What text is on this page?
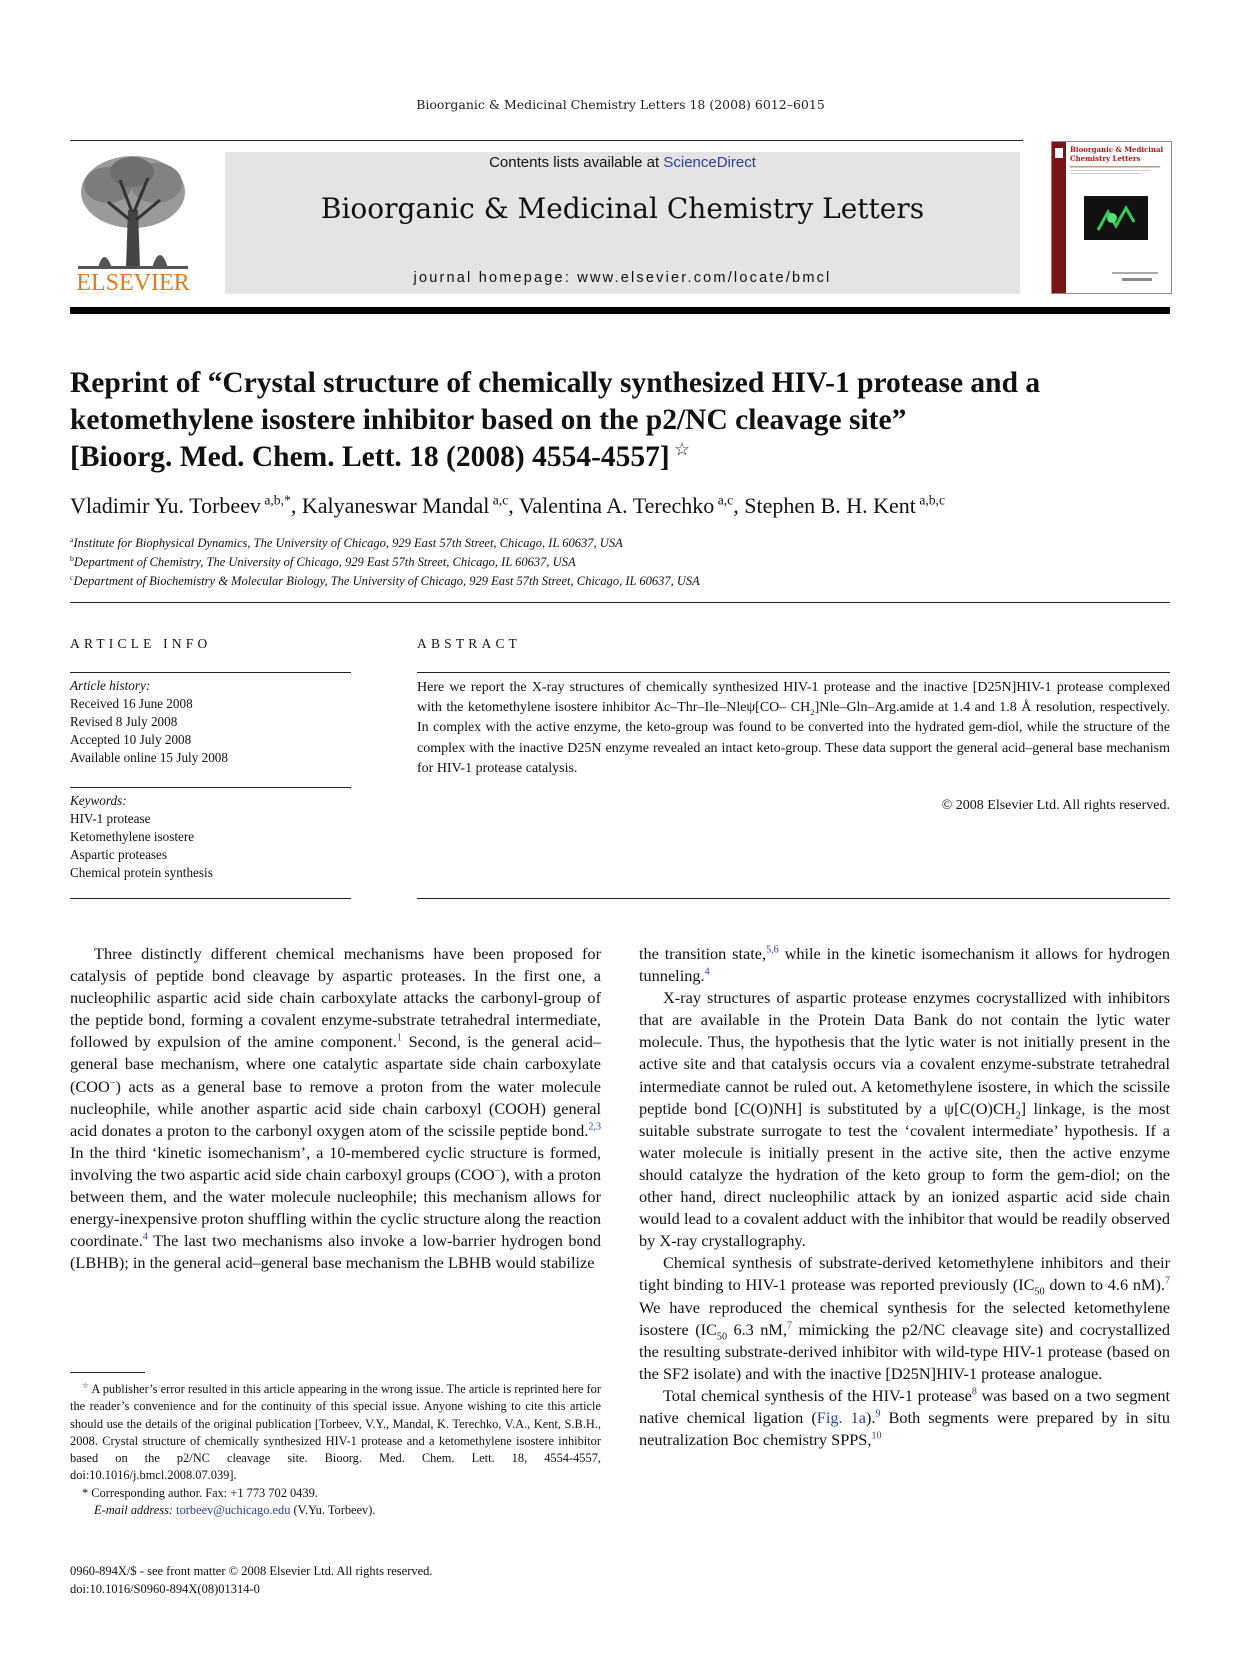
Bioorganic & Medicinal Chemistry Letters 18 (2008) 6012–6015
ELSEVIER
Contents lists available at ScienceDirect
Bioorganic & Medicinal Chemistry Letters
journal homepage: www.elsevier.com/locate/bmcl
Bioorganic & Medicinal
Chemistry Letters
Reprint of “Crystal structure of chemically synthesized HIV-1 protease and a
ketomethylene isostere inhibitor based on the p2/NC cleavage site”
[Bioorg. Med. Chem. Lett. 18 (2008) 4554-4557] ☆
Vladimir Yu. Torbeev $^{a,b,*}$, Kalyaneswar Mandal $^{a,c}$, Valentina A. Terechko $^{a,c}$, Stephen B. H. Kent $^{a,b,c}$
$^a$Institute for Biophysical Dynamics, The University of Chicago, 929 East 57th Street, Chicago, IL 60637, USA
$^b$Department of Chemistry, The University of Chicago, 929 East 57th Street, Chicago, IL 60637, USA
$^c$Department of Biochemistry & Molecular Biology, The University of Chicago, 929 East 57th Street, Chicago, IL 60637, USA
ARTICLE INFO
Article history:
Received 16 June 2008
Revised 8 July 2008
Accepted 10 July 2008
Available online 15 July 2008
Keywords:
HIV-1 protease
Ketomethylene isostere
Aspartic proteases
Chemical protein synthesis
ABSTRACT
Here we report the X-ray structures of chemically synthesized HIV-1 protease and the inactive [D25N]HIV-1 protease complexed with the ketomethylene isostere inhibitor Ac–Thr–Ile–Nleψ[CO– $CH_2]Nle-Gln-Arg.amide$ at 1.4 and 1.8 Å resolution, respectively. In complex with the active enzyme, the keto-group was found to be converted into the hydrated gem-diol, while the structure of the complex with the inactive D25N enzyme revealed an intact keto-group. These data support the general acid–general base mechanism for HIV-1 protease catalysis.
© 2008 Elsevier Ltd. All rights reserved.

Three distinctly different chemical mechanisms have been proposed for catalysis of peptide bond cleavage by aspartic proteases. In the first one, a nucleophilic aspartic acid side chain carboxylate attacks the carbonyl-group of the peptide bond, forming a covalent enzyme-substrate tetrahedral intermediate, followed by expulsion of the amine component.$^1$ Second, is the general acid–general base mechanism, where one catalytic aspartate side chain carboxylate (COO−) acts as a general base to remove a proton from the water molecule nucleophile, while another aspartic acid side chain carboxyl (COOH) general acid donates a proton to the carbonyl oxygen atom of the scissile peptide bond.$^{2,3}$ In the third ‘kinetic isomechanism’, a 10-membered cyclic structure is formed, involving the two aspartic acid side chain carboxyl groups (COO−), with a proton between them, and the water molecule nucleophile; this mechanism allows for energy-inexpensive proton shuffling within the cyclic structure along the reaction coordinate.$^4$ The last two mechanisms also invoke a low-barrier hydrogen bond (LBHB); in the general acid–general base mechanism the LBHB would stabilize

the transition state,$^{5,6}$ while in the kinetic isomechanism it allows for hydrogen tunneling.$^4$

X-ray structures of aspartic protease enzymes cocrystallized with inhibitors that are available in the Protein Data Bank do not contain the lytic water molecule. Thus, the hypothesis that the lytic water is not initially present in the active site and that catalysis occurs via a covalent enzyme-substrate tetrahedral intermediate cannot be ruled out. A ketomethylene isostere, in which the scissile peptide bond [C(O)NH] is substituted by a $\psi[C(O)CH_2]$ linkage, is the most suitable substrate surrogate to test the ‘covalent intermediate’ hypothesis. If a water molecule is initially present in the active site, then the active enzyme should catalyze the hydration of the keto group to form the gem-diol; on the other hand, direct nucleophilic attack by an ionized aspartic acid side chain would lead to a covalent adduct with the inhibitor that would be readily observed by X-ray crystallography.

Chemical synthesis of substrate-derived ketomethylene inhibitors and their tight binding to HIV-1 protease was reported previously ($IC_{50}$ down to 4.6 nM).$^7$ We have reproduced the chemical synthesis for the selected ketomethylene isostere ($IC_{50}$ 6.3 nM,$^7$ mimicking the p2/NC cleavage site) and cocrystallized the resulting substrate-derived inhibitor with wild-type HIV-1 protease (based on the SF2 isolate) and with the inactive [D25N]HIV-1 protease analogue.

Total chemical synthesis of the HIV-1 protease$^8$ was based on a two segment native chemical ligation (Fig. 1a).$^9$ Both segments were prepared by in situ neutralization Boc chemistry SPPS,$^{10}$

☆ A publisher’s error resulted in this article appearing in the wrong issue. The article is reprinted here for the reader’s convenience and for the continuity of this special issue. Anyone wishing to cite this article should use the details of the original publication [Torbeev, V.Y., Mandal, K. Terechko, V.A., Kent, S.B.H., 2008. Crystal structure of chemically synthesized HIV-1 protease and a ketomethylene isostere inhibitor based on the p2/NC cleavage site. Bioorg. Med. Chem. Lett. 18, 4554-4557, doi:10.1016/j.bmcl.2008.07.039].

* Corresponding author. Fax: +1 773 702 0439.

E-mail address: torbeev@uchicago.edu (V.Yu. Torbeev).

0960-894X/$ - see front matter © 2008 Elsevier Ltd. All rights reserved.
doi:10.1016/S0960-894X(08)01314-0
